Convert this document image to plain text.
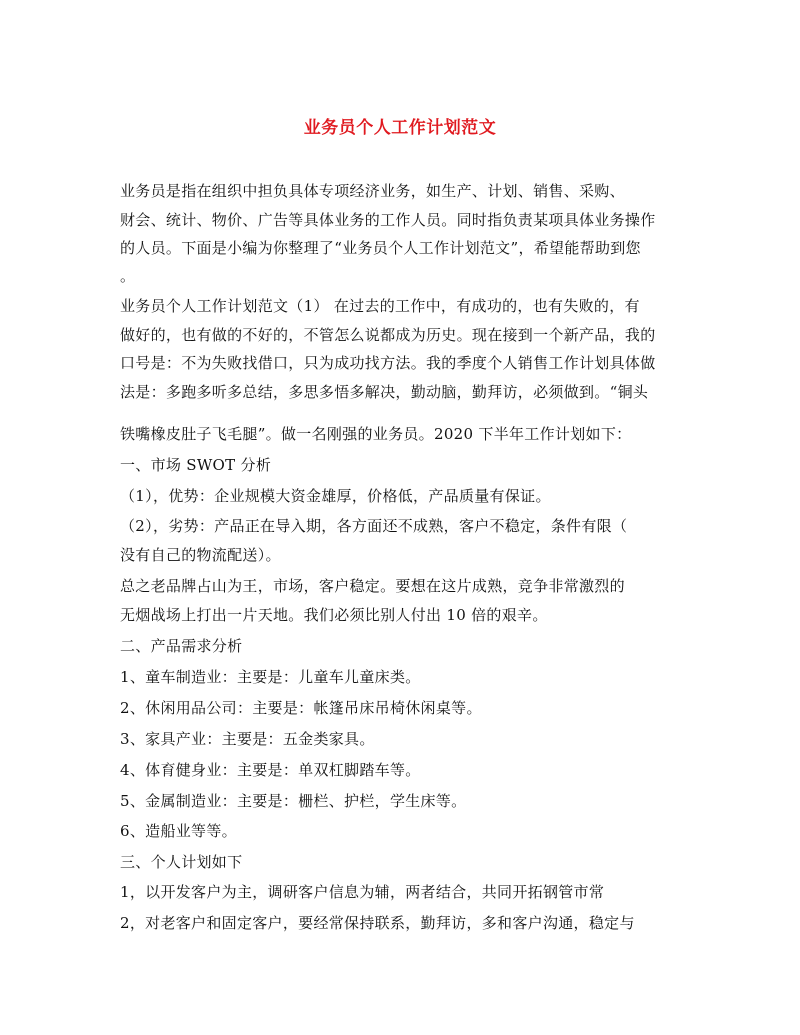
业务员个人工作计划范文
业务员是指在组织中担负具体专项经济业务，如生产、计划、销售、采购、
财会、统计、物价、广告等具体业务的工作人员。同时指负责某项具体业务操作
的人员。下面是小编为你整理了“业务员个人工作计划范文”，希望能帮助到您
。
业务员个人工作计划范文（1） 在过去的工作中，有成功的，也有失败的，有
做好的，也有做的不好的，不管怎么说都成为历史。现在接到一个新产品，我的
口号是：不为失败找借口，只为成功找方法。我的季度个人销售工作计划具体做
法是：多跑多听多总结，多思多悟多解决，勤动脑，勤拜访，必须做到。“铜头
铁嘴橡皮肚子飞毛腿”。做一名刚强的业务员。2020 下半年工作计划如下：
一、市场 SWOT 分析
（1），优势：企业规模大资金雄厚，价格低，产品质量有保证。
（2），劣势：产品正在导入期，各方面还不成熟，客户不稳定，条件有限（
没有自己的物流配送）。
总之老品牌占山为王，市场，客户稳定。要想在这片成熟，竞争非常激烈的
无烟战场上打出一片天地。我们必须比别人付出 10 倍的艰辛。
二、产品需求分析
1、童车制造业：主要是：儿童车儿童床类。
2、休闲用品公司：主要是：帐篷吊床吊椅休闲桌等。
3、家具产业：主要是：五金类家具。
4、体育健身业：主要是：单双杠脚踏车等。
5、金属制造业：主要是：栅栏、护栏，学生床等。
6、造船业等等。
三、个人计划如下
1，以开发客户为主，调研客户信息为辅，两者结合，共同开拓钢管市常
2，对老客户和固定客户，要经常保持联系，勤拜访，多和客户沟通，稳定与
